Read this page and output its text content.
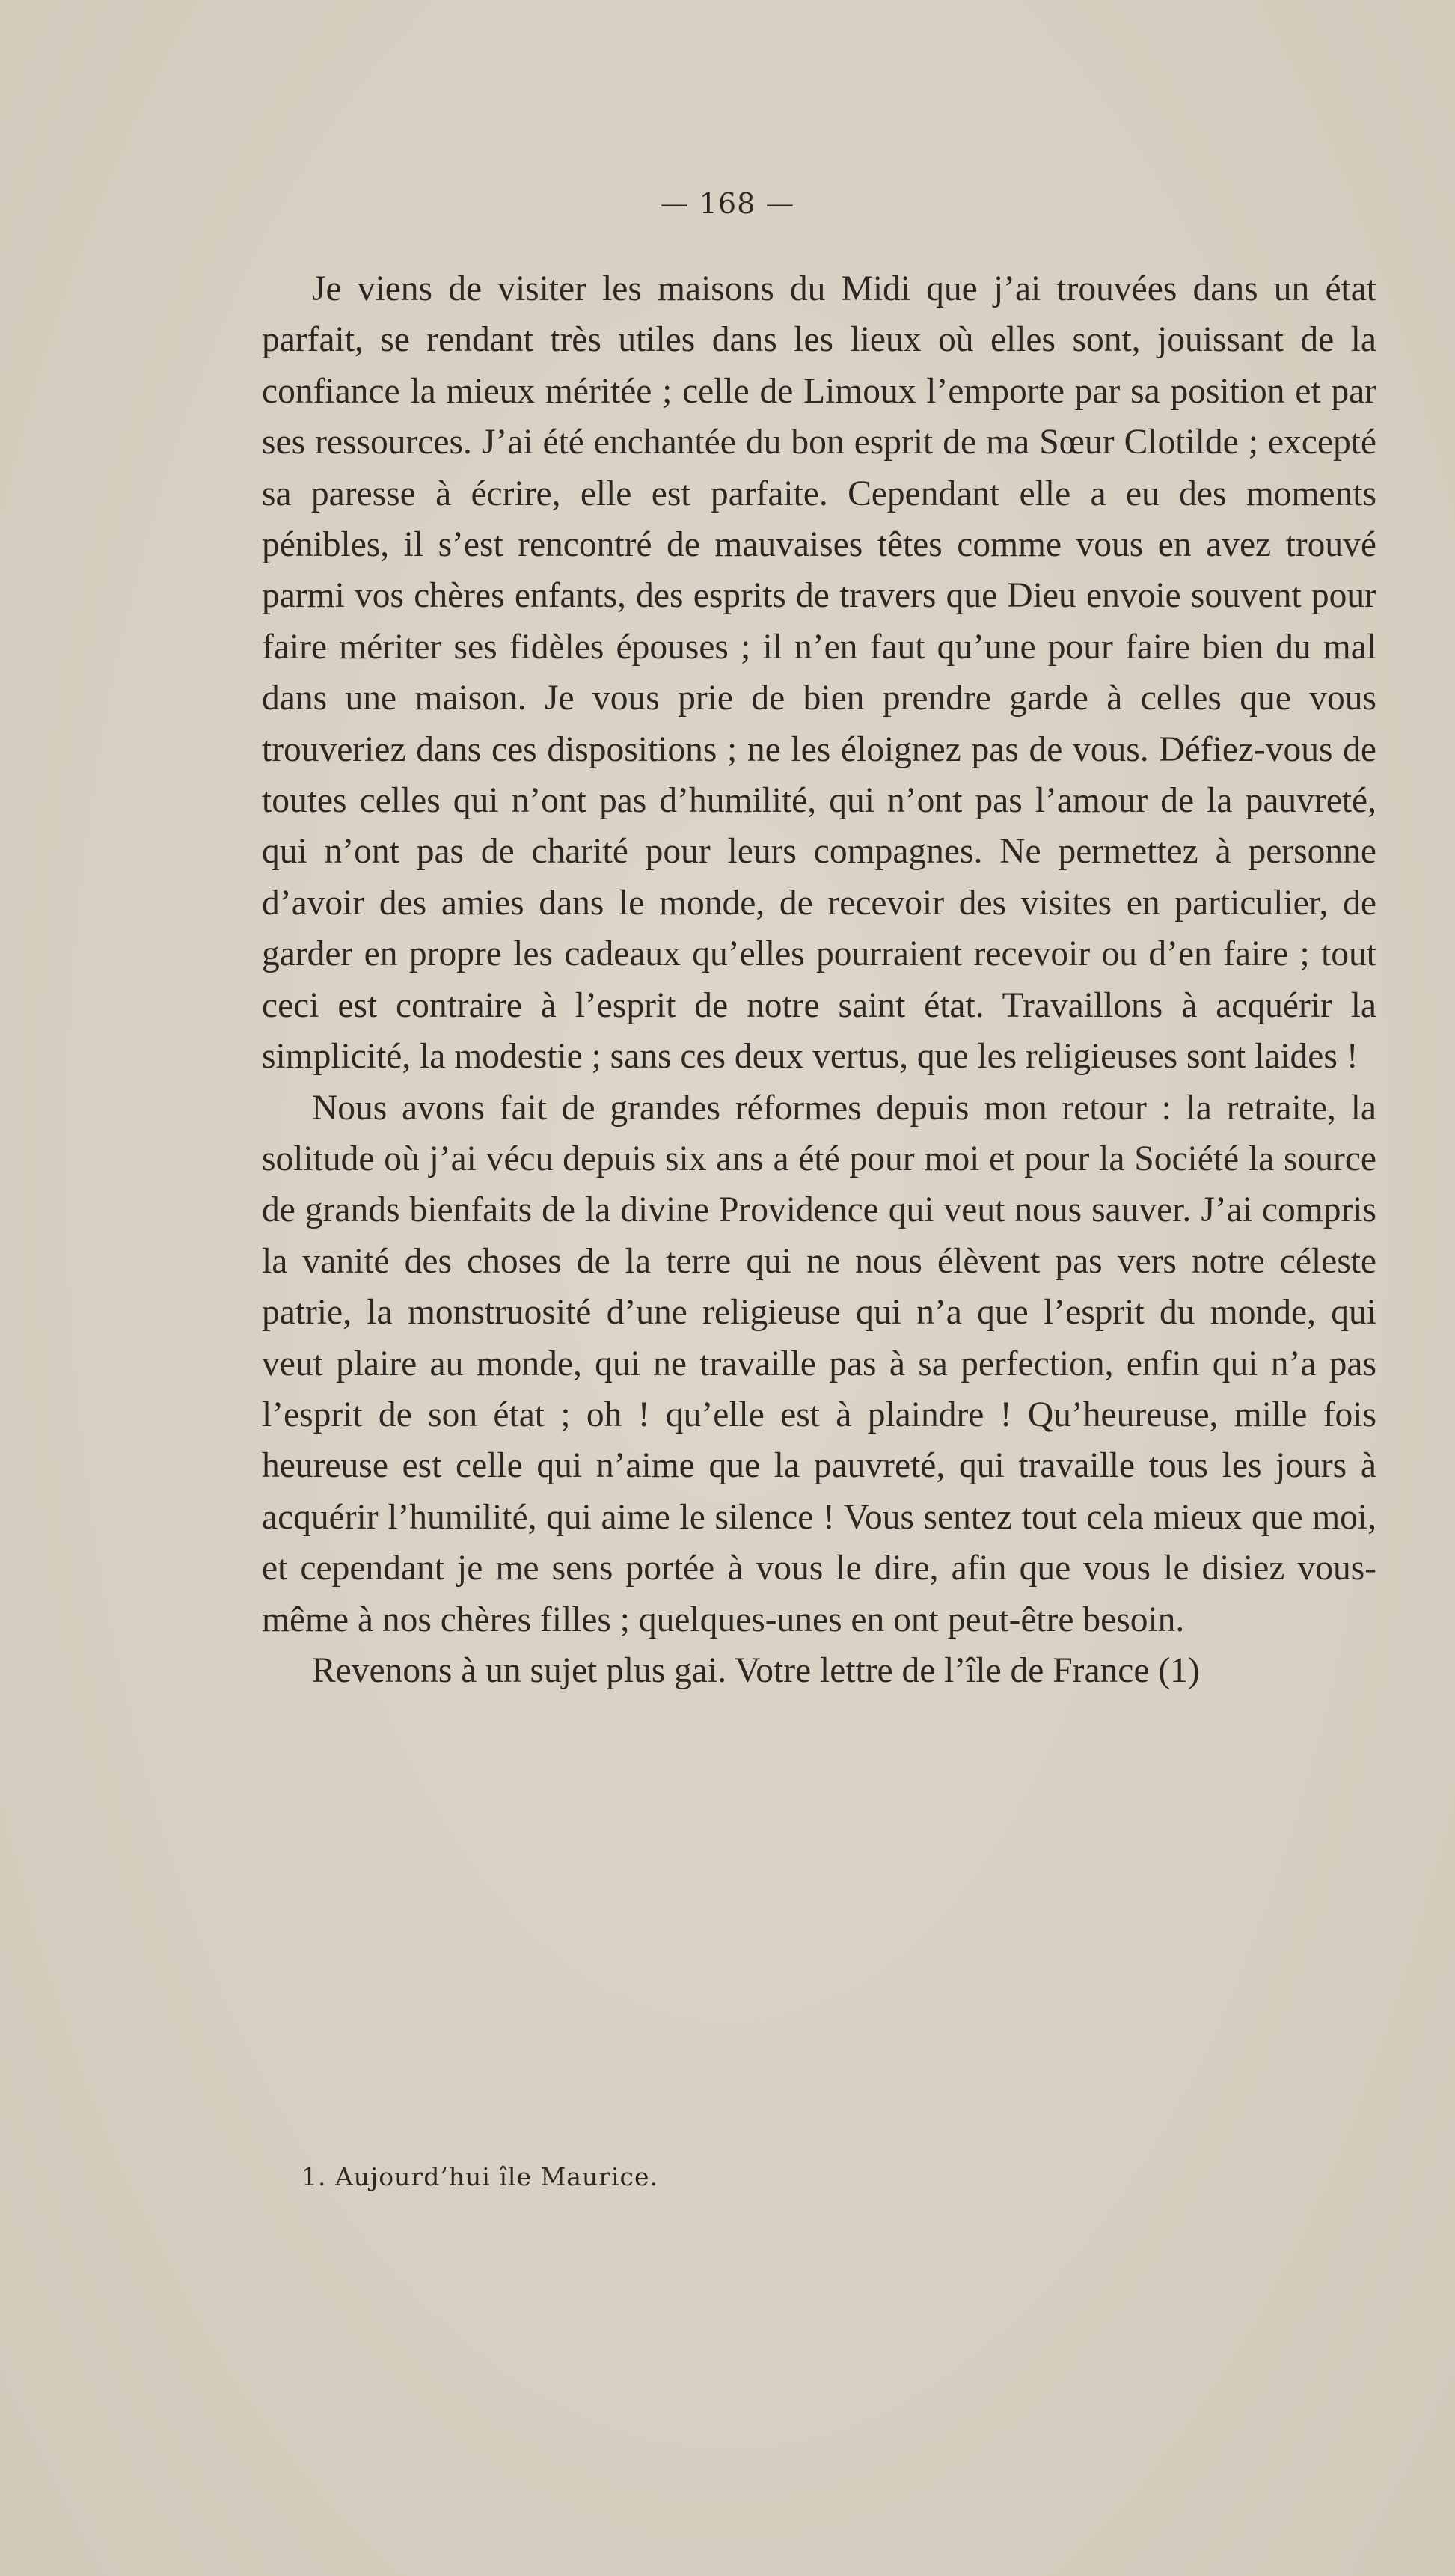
— 168 —

Je viens de visiter les maisons du Midi que j’ai trouvées dans un état parfait, se rendant très utiles dans les lieux où elles sont, jouissant de la confiance la mieux méritée ; celle de Limoux l’emporte par sa position et par ses ressources. J’ai été enchantée du bon esprit de ma Sœur Clotilde ; excepté sa paresse à écrire, elle est parfaite. Cependant elle a eu des moments pénibles, il s’est rencontré de mauvaises têtes comme vous en avez trouvé parmi vos chères enfants, des esprits de travers que Dieu envoie souvent pour faire mériter ses fidèles épouses ; il n’en faut qu’une pour faire bien du mal dans une maison. Je vous prie de bien prendre garde à celles que vous trouveriez dans ces dispositions ; ne les éloignez pas de vous. Défiez-vous de toutes celles qui n’ont pas d’humilité, qui n’ont pas l’amour de la pauvreté, qui n’ont pas de charité pour leurs compagnes. Ne permettez à personne d’avoir des amies dans le monde, de recevoir des visites en particulier, de garder en propre les cadeaux qu’elles pourraient recevoir ou d’en faire ; tout ceci est contraire à l’esprit de notre saint état. Travaillons à acquérir la simplicité, la modestie ; sans ces deux vertus, que les religieuses sont laides !

Nous avons fait de grandes réformes depuis mon retour : la retraite, la solitude où j’ai vécu depuis six ans a été pour moi et pour la Société la source de grands bienfaits de la divine Providence qui veut nous sauver. J’ai compris la vanité des choses de la terre qui ne nous élèvent pas vers notre céleste patrie, la monstruosité d’une religieuse qui n’a que l’esprit du monde, qui veut plaire au monde, qui ne travaille pas à sa perfection, enfin qui n’a pas l’esprit de son état ; oh ! qu’elle est à plaindre ! Qu’heureuse, mille fois heureuse est celle qui n’aime que la pauvreté, qui travaille tous les jours à acquérir l’humilité, qui aime le silence ! Vous sentez tout cela mieux que moi, et cependant je me sens portée à vous le dire, afin que vous le disiez vous-même à nos chères filles ; quelques-unes en ont peut-être besoin.

Revenons à un sujet plus gai. Votre lettre de l’île de France (1)

1. Aujourd’hui île Maurice.
